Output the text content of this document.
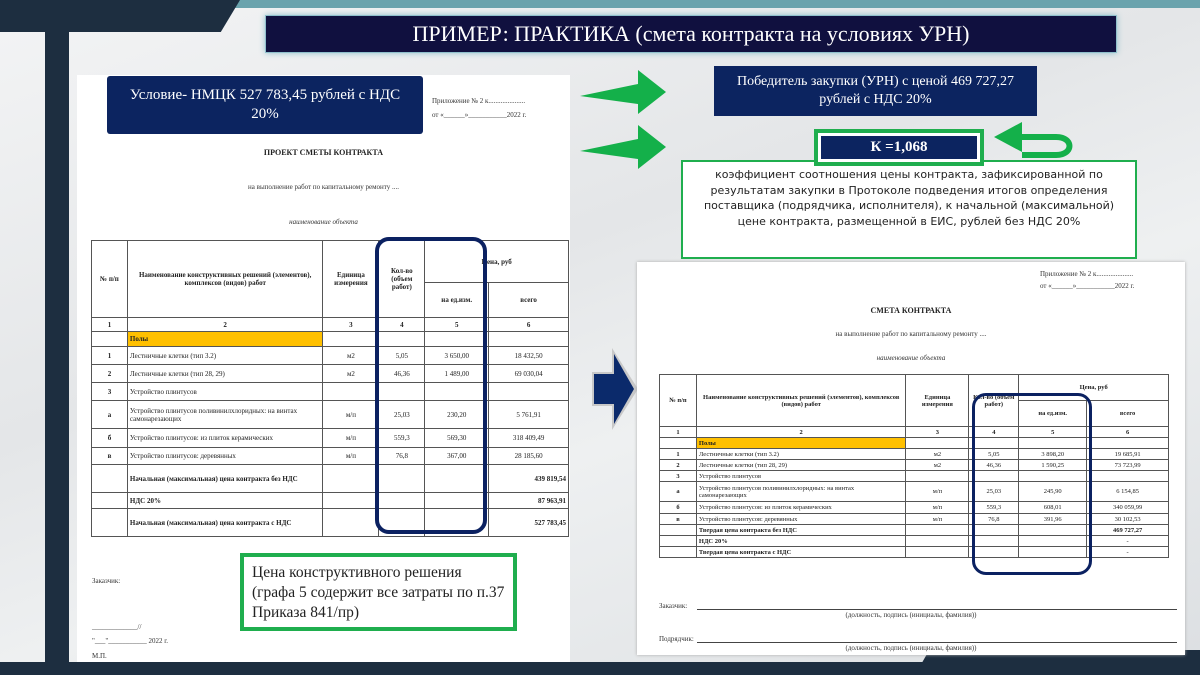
ПРИМЕР: ПРАКТИКА (смета контракта на условиях УРН)
Приложение № 2 к.....................
от «______»___________2022 г.
ПРОЕКТ СМЕТЫ КОНТРАКТА
на выполнение работ по капитальному ремонту ....
наименование объекта
№ п/п	Наименование конструктивных решений (элементов), комплексов (видов) работ	Единица измерения	Кол-во (объем работ)	Цена, руб	
				на ед.изм.	всего
1	2	3	4	5	6
	Полы				
1	Лестничные клетки (тип 3.2)	м2	5,05	3 650,00	18 432,50
2	Лестничные клетки (тип 28, 29)	м2	46,36	1 489,00	69 030,04
3	Устройство плинтусов				
а	Устройство плинтусов поливинилхлоридных: на винтах самонарезающих	м/п	25,03	230,20	5 761,91
б	Устройство плинтусов: из плиток керамических	м/п	559,3	569,30	318 409,49
в	Устройство плинтусов: деревянных	м/п	76,8	367,00	28 185,60
	Начальная (максимальная) цена контракта без НДС				439 819,54
	НДС 20%				87 963,91
	Начальная (максимальная) цена контракта с НДС				527 783,45
Заказчик:
_____________//
"___"___________ 2022 г.
М.П.
Условие- НМЦК 527 783,45 рублей с НДС 20%
Цена конструктивного решения (графа 5 содержит все затраты по п.37 Приказа 841/пр)
Победитель закупки (УРН) с ценой 469 727,27 рублей с НДС 20%
коэффициент соотношения цены контракта, зафиксированной по результатам закупки в Протоколе подведения итогов определения поставщика (подрядчика, исполнителя), к начальной (максимальной) цене контракта, размещенной в ЕИС, рублей без НДС 20%
К =1,068
Приложение № 2 к.....................
от «______»___________2022 г.
СМЕТА КОНТРАКТА
на выполнение работ по капитальному ремонту ....
наименование объекта
№ п/п	Наименование конструктивных решений (элементов), комплексов (видов) работ	Единица измерения	Кол-во (объем работ)	Цена, руб	
				на ед.изм.	всего
1	2	3	4	5	6
	Полы				
1	Лестничные клетки (тип 3.2)	м2	5,05	3 898,20	19 685,91
2	Лестничные клетки (тип 28, 29)	м2	46,36	1 590,25	73 723,99
3	Устройство плинтусов				
а	Устройство плинтусов поливинилхлоридных: на винтах самонарезающих	м/п	25,03	245,90	6 154,85
б	Устройство плинтусов: из плиток керамических	м/п	559,3	608,01	340 059,99
в	Устройство плинтусов: деревянных	м/п	76,8	391,96	30 102,53
	Твердая цена контракта без НДС				469 727,27
	НДС 20%				-
	Твердая цена контракта с НДС				-
Заказчик:
(должность, подпись (инициалы, фамилия))
Подрядчик:
(должность, подпись (инициалы, фамилия))
